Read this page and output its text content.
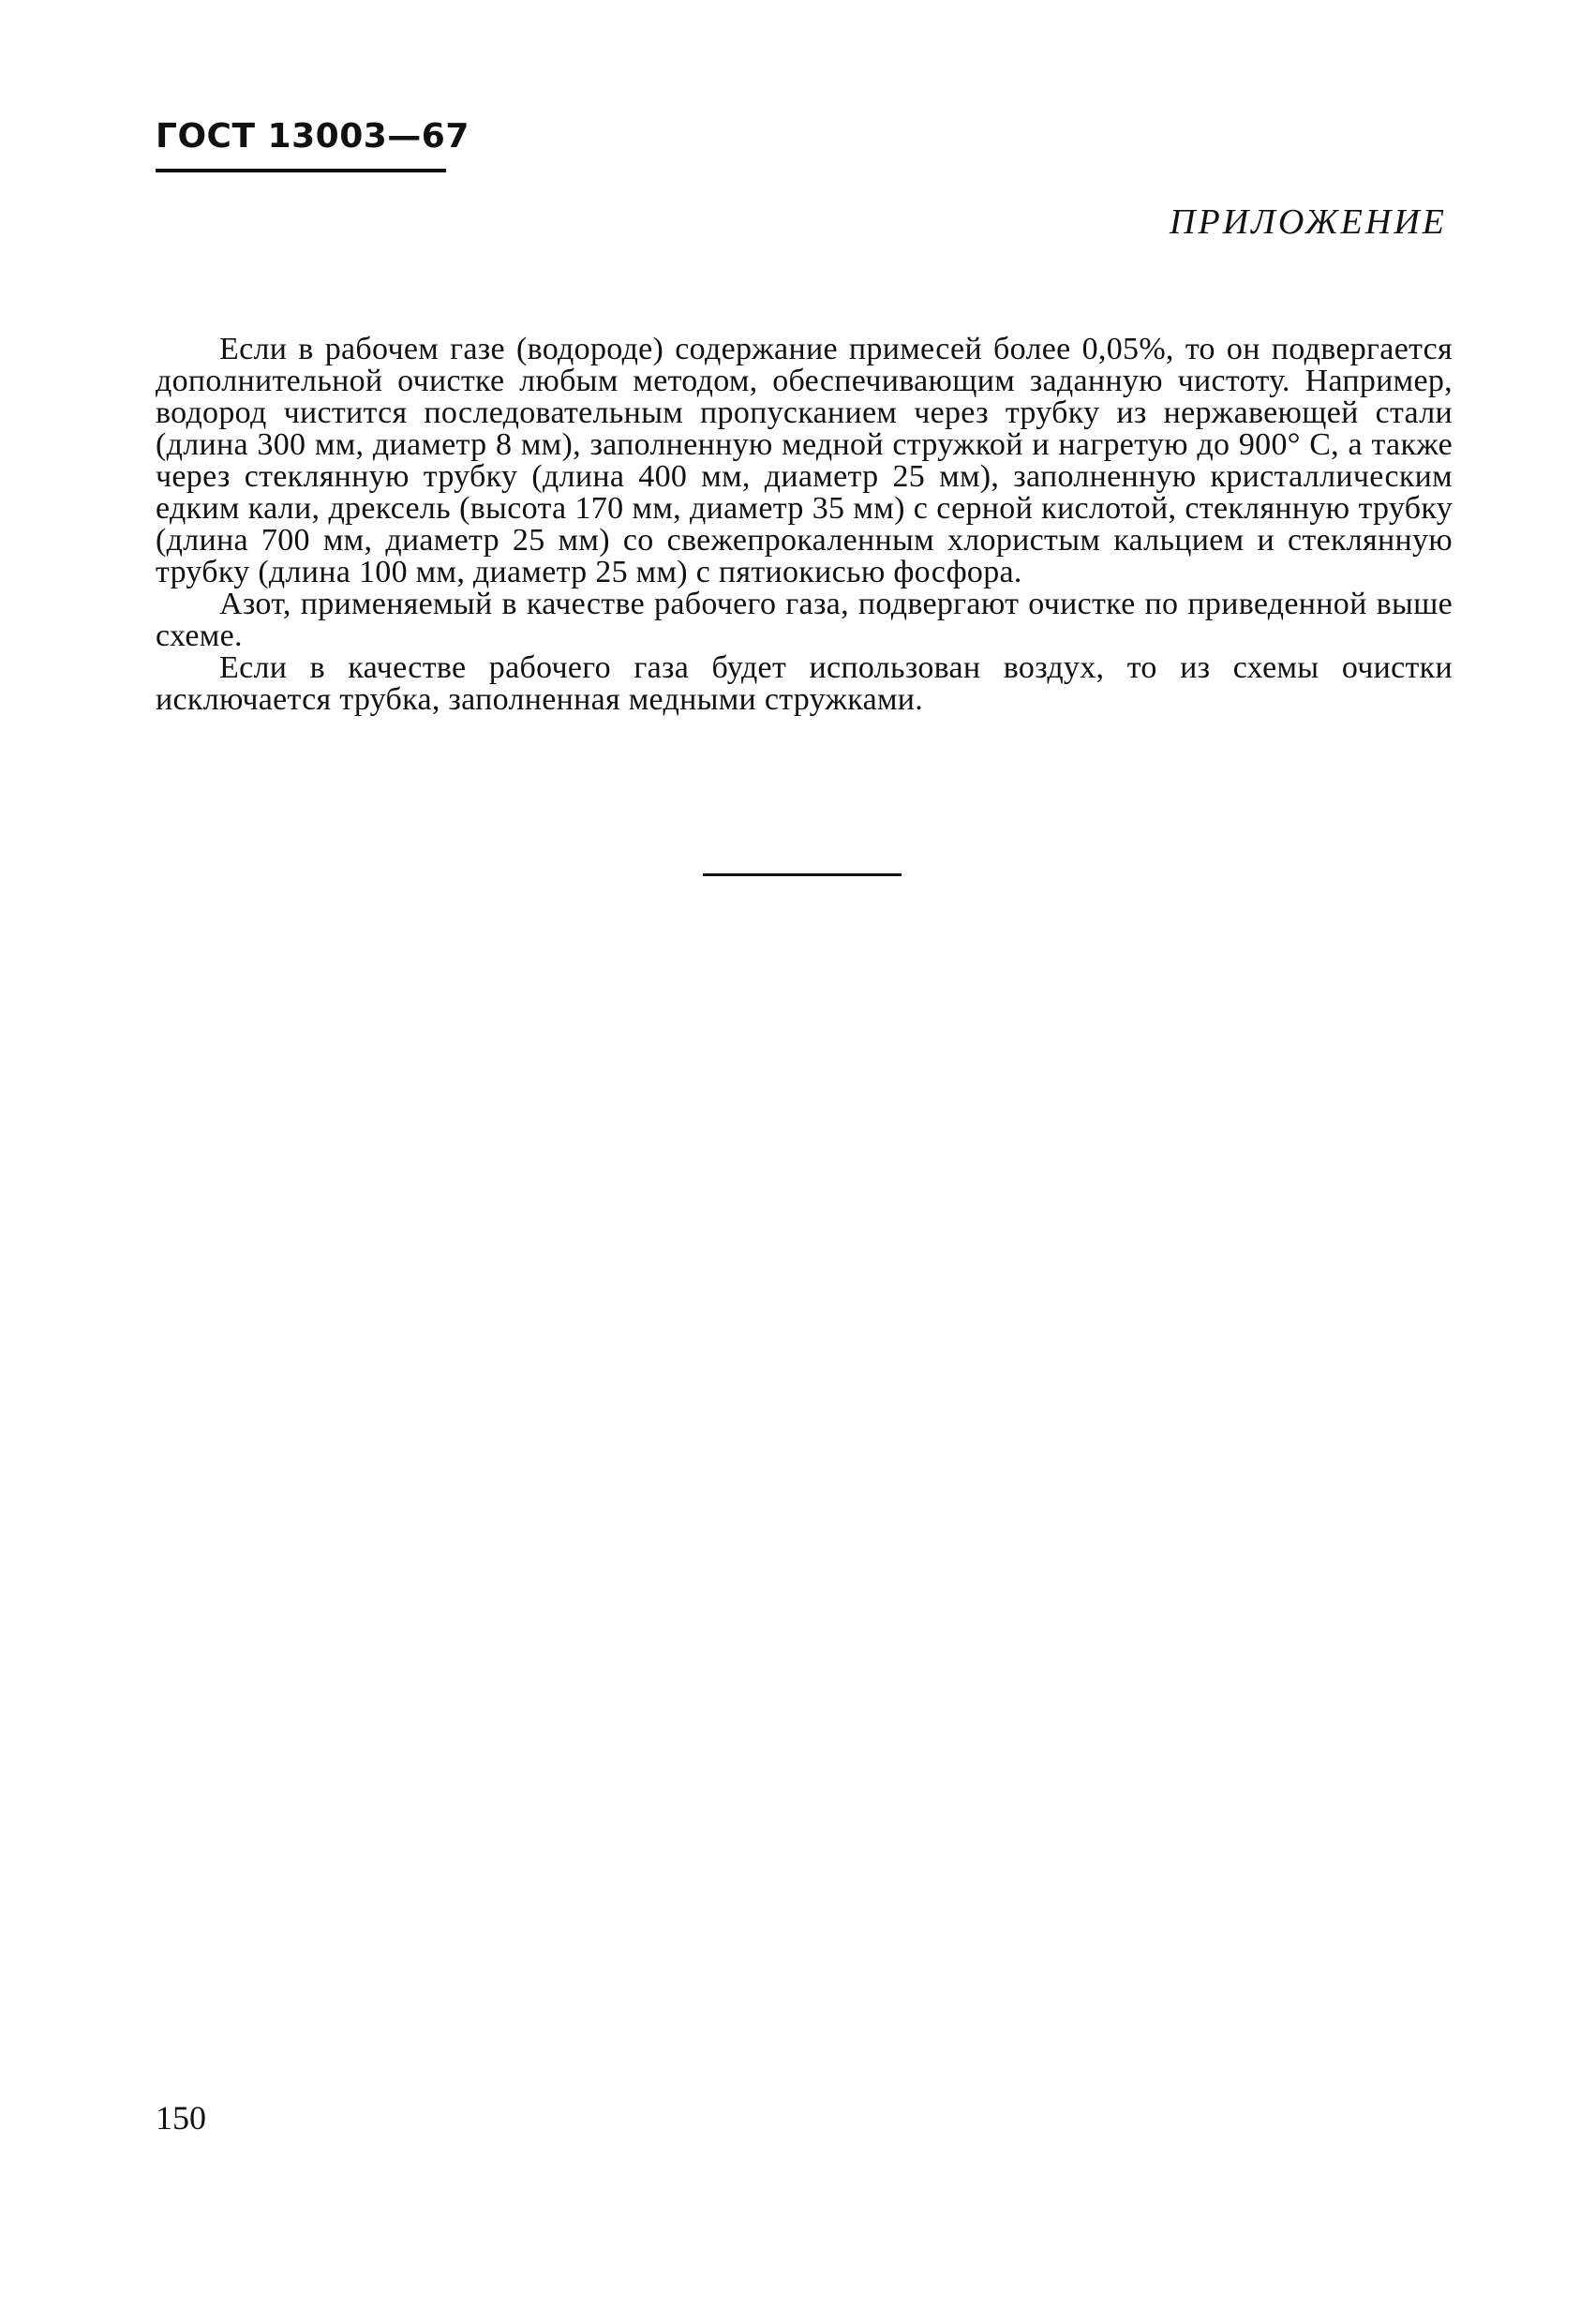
ГОСТ 13003—67
ПРИЛОЖЕНИЕ

Если в рабочем газе (водороде) содержание примесей более 0,05%, то он подвергается дополнительной очистке любым методом, обеспечивающим заданную чистоту. Например, водород чистится последовательным пропусканием через трубку из нержавеющей стали (длина 300 мм, диаметр 8 мм), заполненную медной стружкой и нагретую до 900° С, а также через стеклянную трубку (длина 400 мм, диаметр 25 мм), заполненную кристаллическим едким кали, дрексель (высота 170 мм, диаметр 35 мм) с серной кислотой, стеклянную трубку (длина 700 мм, диаметр 25 мм) со свежепрокаленным хлористым кальцием и стеклянную трубку (длина 100 мм, диаметр 25 мм) с пятиокисью фосфора.

Азот, применяемый в качестве рабочего газа, подвергают очистке по приведенной выше схеме.

Если в качестве рабочего газа будет использован воздух, то из схемы очистки исключается трубка, заполненная медными стружками.

150
